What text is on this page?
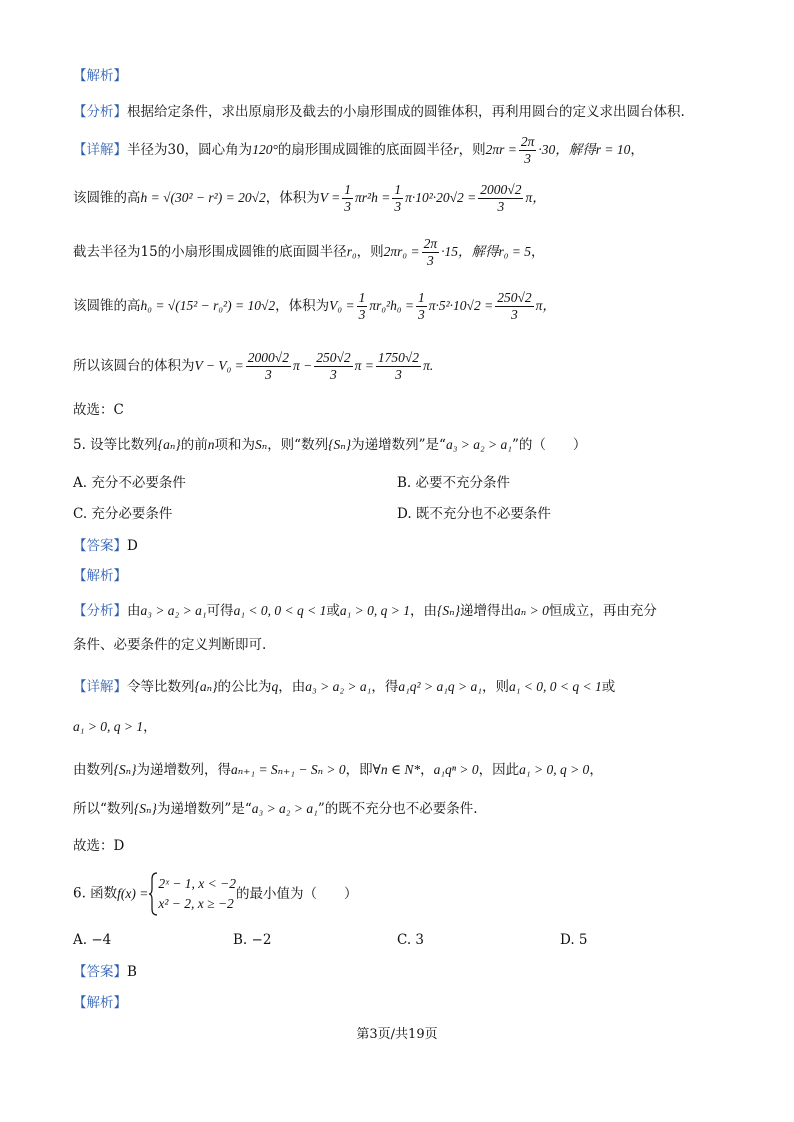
【解析】
【分析】根据给定条件，求出原扇形及截去的小扇形围成的圆锥体积，再利用圆台的定义求出圆台体积.
【详解】半径为30，圆心角为120°的扇形围成圆锥的底面圆半径r，则$2\pi r = \frac{2\pi}{3} \cdot 30$，解得r = 10，
该圆锥的高h = √(30² − r²) = 20√2，体积为$V = \frac{1}{3} \pi r^2h = \frac{1}{3} \pi\cdot 10^2\cdot 20√2 = \frac{2000√2}{3}$ π，
截去半径为15的小扇形围成圆锥的底面圆半径r₀，则$2\pi r_0 = \frac{2\pi}{3} \cdot 15$，解得r₀ = 5，
该圆锥的高h₀ = √(15² − r₀²) = 10√2，体积为$V_0 = \frac{1}{3} \pi r_0^2h_0 = \frac{1}{3} \pi\cdot 5^2\cdot 10√2 = \frac{250√2}{3}$ π，
所以该圆台的体积为$V - V_0 = \frac{2000√2}{3}$ $\pi - \frac{250√2}{3}$ $\pi = \frac{1750√2}{3} \pi$.
故选：C
5. 设等比数列{aₙ}的前n项和为Sₙ，则“数列{Sₙ}为递增数列”是“a₃ > a₂ > a₁”的（　　）
A. 充分不必要条件	B. 必要不充分条件
C. 充分必要条件	D. 既不充分也不必要条件
【答案】D
【解析】
【分析】由a₃ > a₂ > a₁可得a₁ < 0, 0 < q < 1或a₁ > 0, q > 1，由{Sₙ}递增得出aₙ > 0恒成立，再由充分
条件、必要条件的定义判断即可.
【详解】令等比数列{aₙ}的公比为q，由a₃ > a₂ > a₁，得a₁q² > a₁q > a₁，则a₁ < 0, 0 < q < 1或
a₁ > 0, q > 1，
由数列{Sₙ}为递增数列，得aₙ₊₁ = Sₙ₊₁ − Sₙ > 0，即∀n ∈ N*，a₁qⁿ > 0，因此a₁ > 0, q > 0，
所以“数列{Sₙ}为递增数列”是“a₃ > a₂ > a₁”的既不充分也不必要条件.
故选：D
6. 函数f(x) =
2ˣ − 1, x < −2
x² − 2, x ≥ −2
的最小值为（　　）
A. −4	B. −2	C. 3	D. 5
【答案】B
【解析】
第3页/共19页
